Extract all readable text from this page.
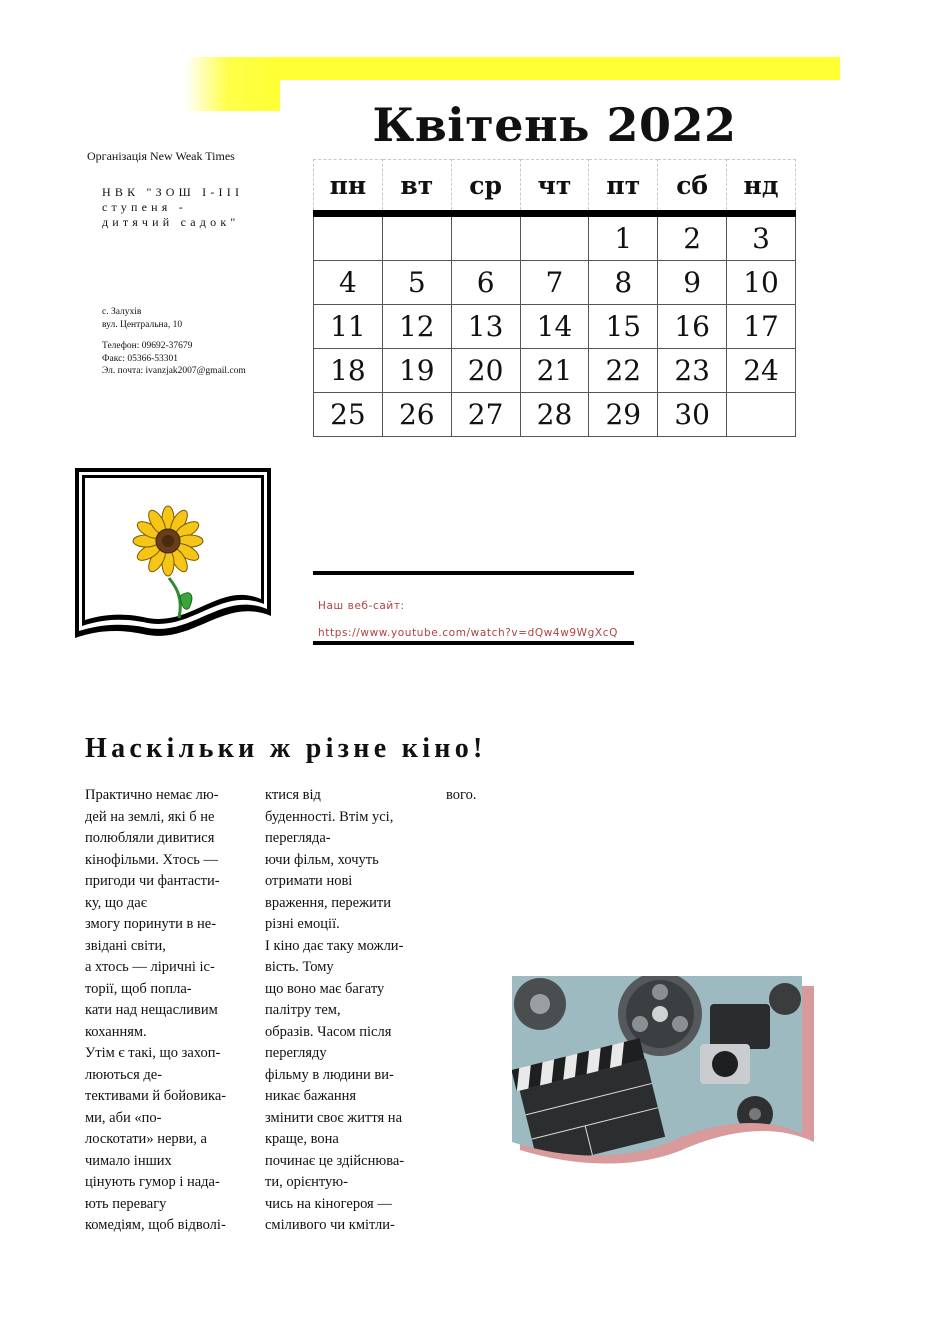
Квітень 2022
Організація New Weak Times
НВК "ЗОШ І-ІІІ
ступеня -
дитячий садок"
с. Залухів
вул. Центральна, 10
Телефон: 09692-37679
Факс: 05366-53301
Эл. почта: ivanzjak2007@gmail.com
пн	вт	ср	чт	пт	сб	нд
				1	2	3
4	5	6	7	8	9	10
11	12	13	14	15	16	17
18	19	20	21	22	23	24
25	26	27	28	29	30	
Наш веб-сайт:
https://www.youtube.com/watch?v=dQw4w9WgXcQ
Наскільки ж різне кіно!
Практично немає лю-
дей на землі, які б не
полюбляли дивитися
кінофільми. Хтось —
пригоди чи фантасти-
ку, що дає
змогу поринути в не-
звідані світи,
а хтось — ліричні іс-
торії, щоб попла-
кати над нещасливим
коханням.
Утім є такі, що захоп-
люються де-
тективами й бойовика-
ми, аби «по-
лоскотати» нерви, а
чимало інших
цінують гумор і нада-
ють перевагу
комедіям, щоб відволі-
ктися від
буденності. Втім усі,
перегляда-
ючи фільм, хочуть
отримати нові
враження, пережити
різні емоції.
І кіно дає таку можли-
вість. Тому
що воно має багату
палітру тем,
образів. Часом після
перегляду
фільму в людини ви-
никає бажання
змінити своє життя на
краще, вона
починає це здійснюва-
ти, орієнтую-
чись на кіногероя —
сміливого чи кмітли-
вого.
